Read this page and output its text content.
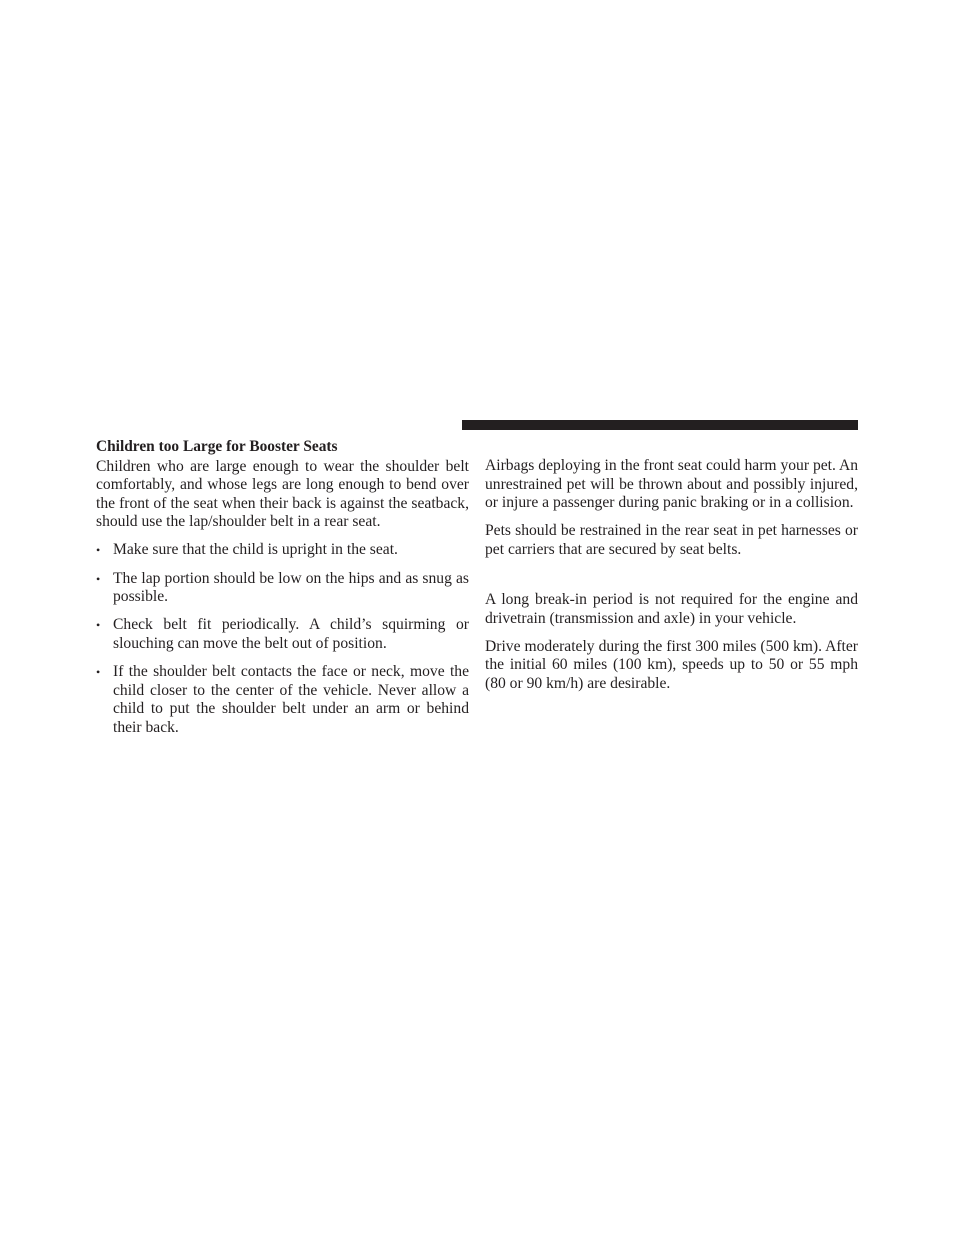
Children too Large for Booster Seats

Children who are large enough to wear the shoulder belt comfortably, and whose legs are long enough to bend over the front of the seat when their back is against the seatback, should use the lap/shoulder belt in a rear seat.

• Make sure that the child is upright in the seat.
• The lap portion should be low on the hips and as snug as possible.
• Check belt fit periodically. A child’s squirming or slouching can move the belt out of position.
• If the shoulder belt contacts the face or neck, move the child closer to the center of the vehicle. Never allow a child to put the shoulder belt under an arm or behind their back.

Airbags deploying in the front seat could harm your pet. An unrestrained pet will be thrown about and possibly injured, or injure a passenger during panic braking or in a collision.

Pets should be restrained in the rear seat in pet harnesses or pet carriers that are secured by seat belts.

A long break-in period is not required for the engine and drivetrain (transmission and axle) in your vehicle.

Drive moderately during the first 300 miles (500 km). After the initial 60 miles (100 km), speeds up to 50 or 55 mph (80 or 90 km/h) are desirable.
